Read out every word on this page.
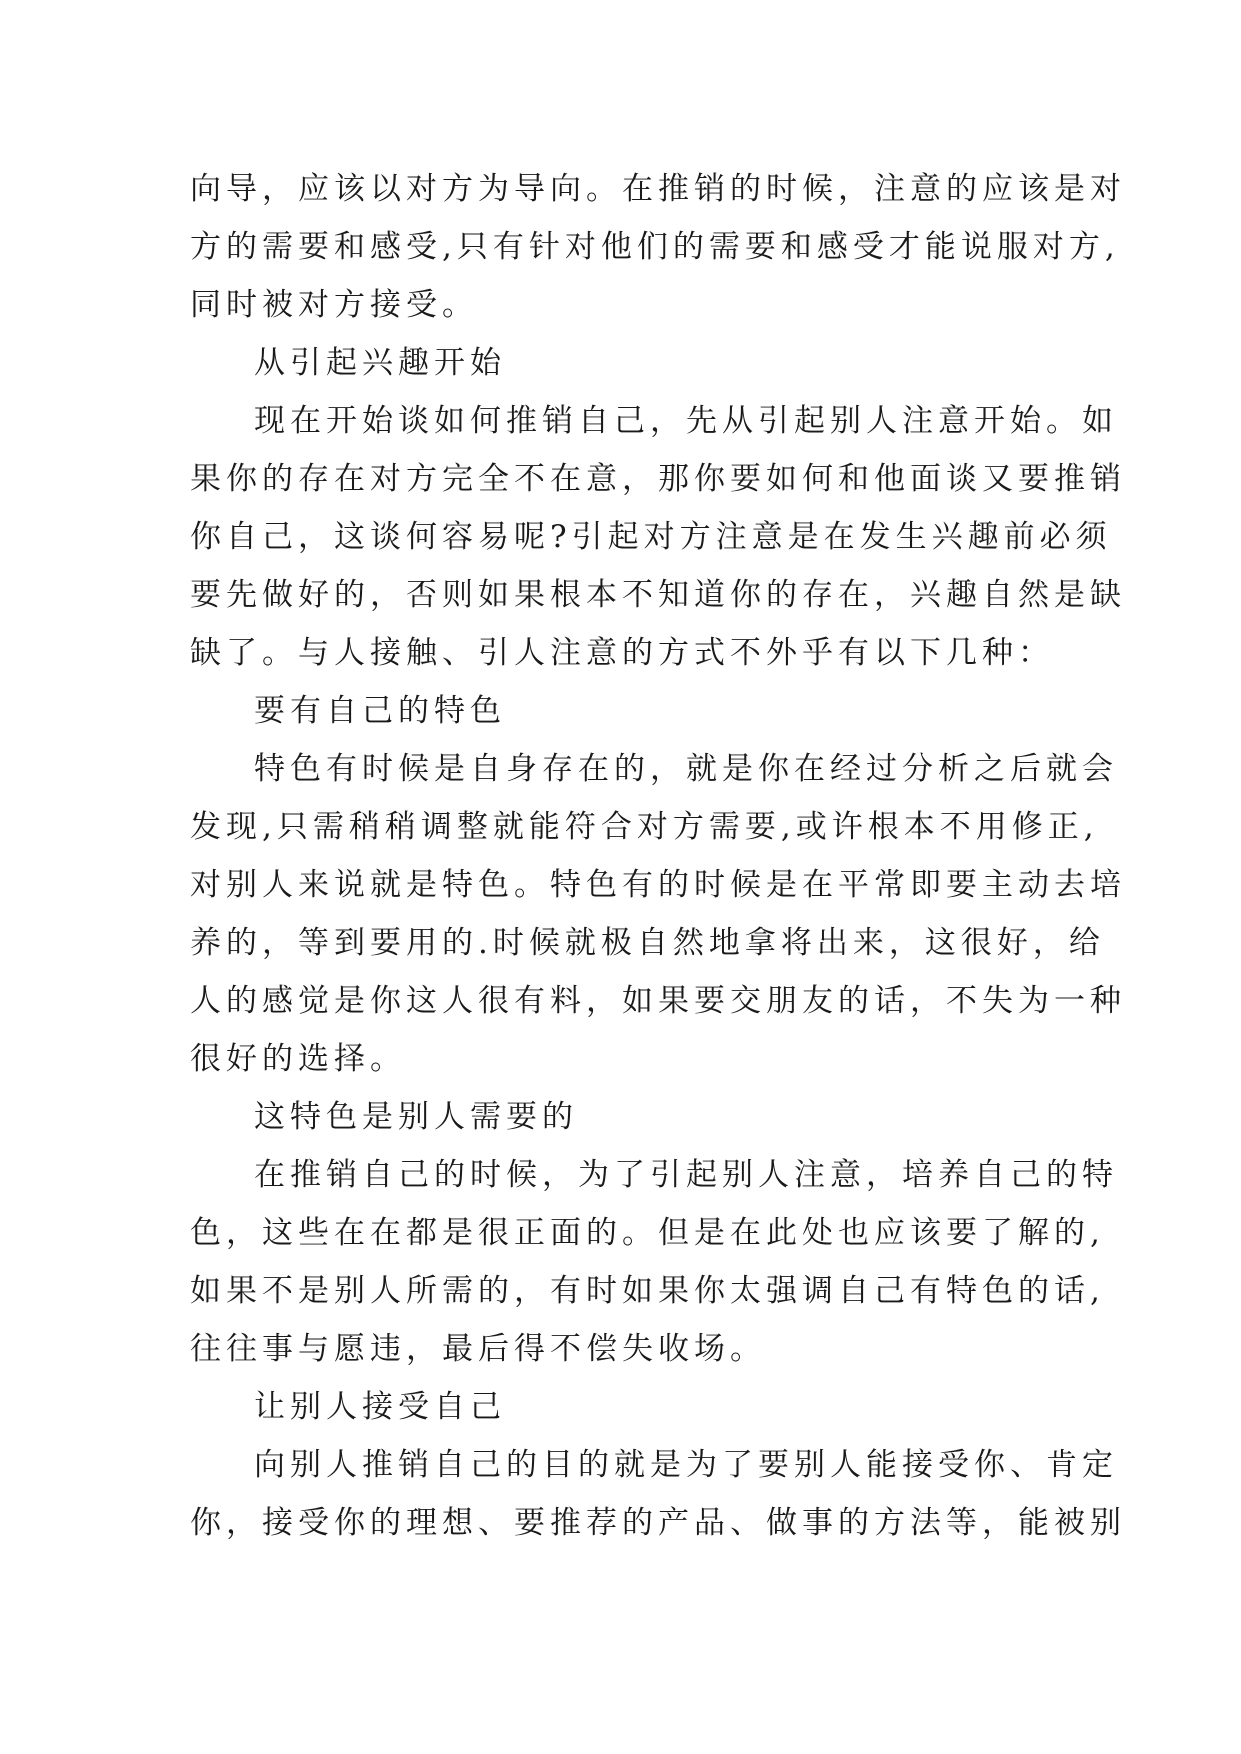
向导，应该以对方为导向。在推销的时候，注意的应该是对
方的需要和感受,只有针对他们的需要和感受才能说服对方,
同时被对方接受。
从引起兴趣开始
现在开始谈如何推销自己，先从引起别人注意开始。如
果你的存在对方完全不在意，那你要如何和他面谈又要推销
你自己，这谈何容易呢?引起对方注意是在发生兴趣前必须
要先做好的，否则如果根本不知道你的存在，兴趣自然是缺
缺了。与人接触、引人注意的方式不外乎有以下几种：
要有自己的特色
特色有时候是自身存在的，就是你在经过分析之后就会
发现,只需稍稍调整就能符合对方需要,或许根本不用修正,
对别人来说就是特色。特色有的时候是在平常即要主动去培
养的，等到要用的.时候就极自然地拿将出来，这很好，给
人的感觉是你这人很有料，如果要交朋友的话，不失为一种
很好的选择。
这特色是别人需要的
在推销自己的时候，为了引起别人注意，培养自己的特
色，这些在在都是很正面的。但是在此处也应该要了解的,
如果不是别人所需的，有时如果你太强调自己有特色的话,
往往事与愿违，最后得不偿失收场。
让别人接受自己
向别人推销自己的目的就是为了要别人能接受你、肯定
你，接受你的理想、要推荐的产品、做事的方法等，能被别
